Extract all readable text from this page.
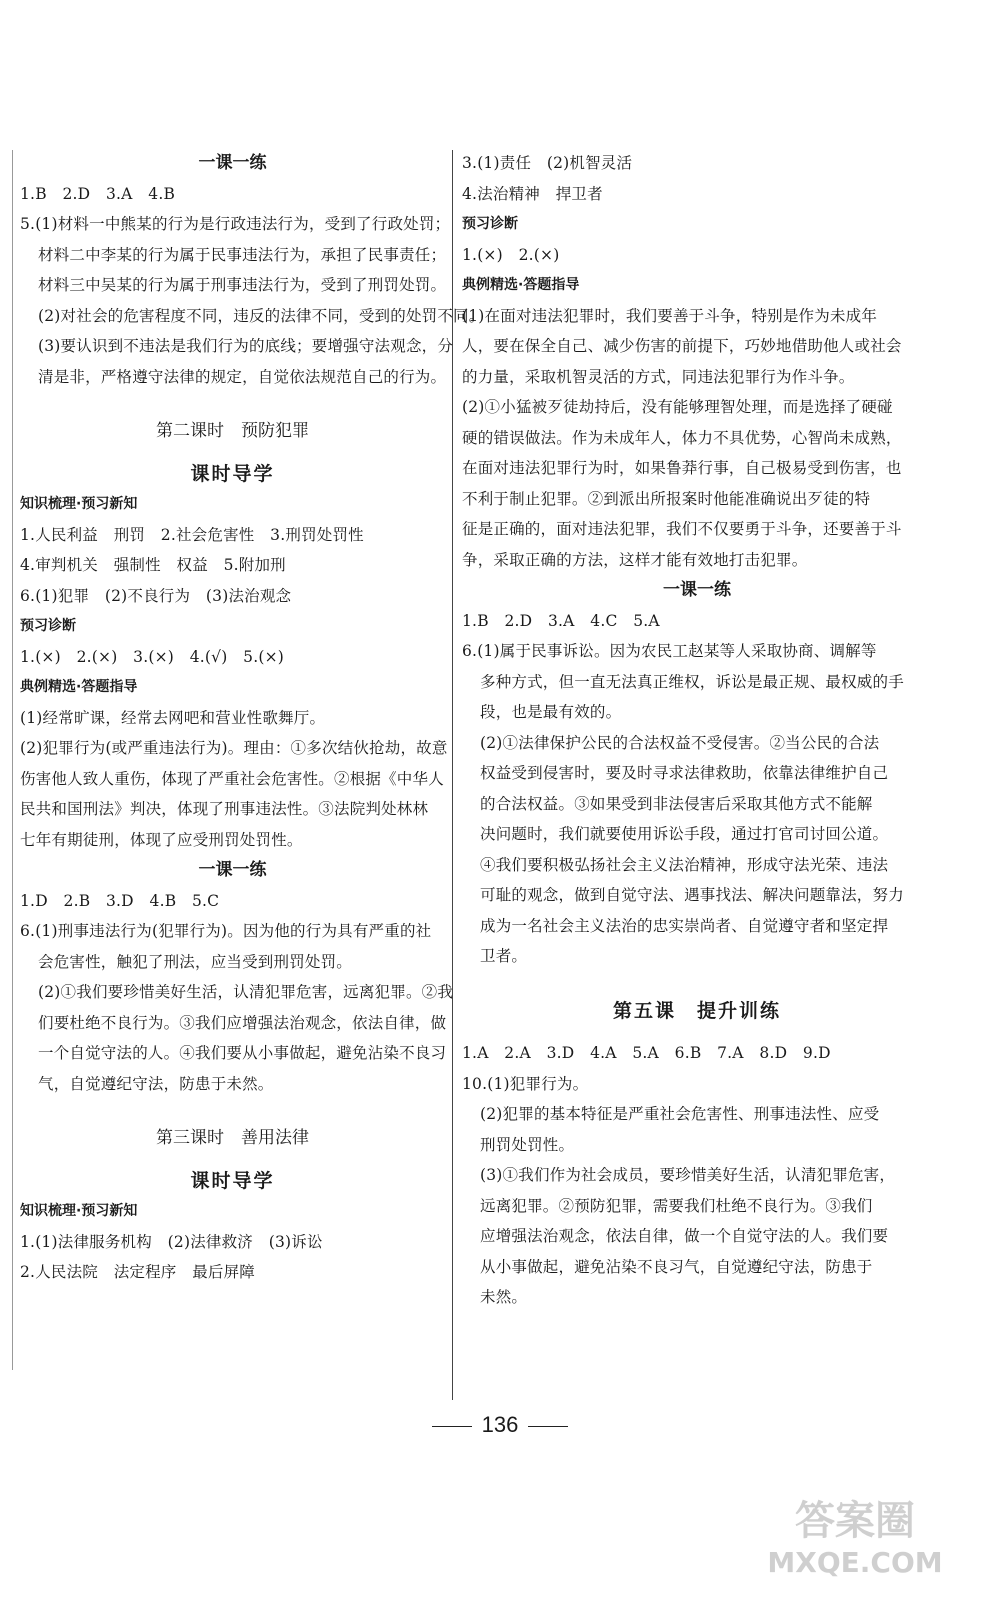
一课一练
1.B　2.D　3.A　4.B
5.(1)材料一中熊某的行为是行政违法行为，受到了行政处罚；
材料二中李某的行为属于民事违法行为，承担了民事责任；
材料三中吴某的行为属于刑事违法行为，受到了刑罚处罚。
(2)对社会的危害程度不同，违反的法律不同，受到的处罚不同。
(3)要认识到不违法是我们行为的底线；要增强守法观念，分
清是非，严格遵守法律的规定，自觉依法规范自己的行为。
第二课时　预防犯罪
课时导学
知识梳理·预习新知
1.人民利益　刑罚　2.社会危害性　3.刑罚处罚性
4.审判机关　强制性　权益　5.附加刑
6.(1)犯罪　(2)不良行为　(3)法治观念
预习诊断
1.(×)　2.(×)　3.(×)　4.(√)　5.(×)
典例精选·答题指导
(1)经常旷课，经常去网吧和营业性歌舞厅。
(2)犯罪行为(或严重违法行为)。理由：①多次结伙抢劫，故意
伤害他人致人重伤，体现了严重社会危害性。②根据《中华人
民共和国刑法》判决，体现了刑事违法性。③法院判处林林
七年有期徒刑，体现了应受刑罚处罚性。
一课一练
1.D　2.B　3.D　4.B　5.C
6.(1)刑事违法行为(犯罪行为)。因为他的行为具有严重的社
会危害性，触犯了刑法，应当受到刑罚处罚。
(2)①我们要珍惜美好生活，认清犯罪危害，远离犯罪。②我
们要杜绝不良行为。③我们应增强法治观念，依法自律，做
一个自觉守法的人。④我们要从小事做起，避免沾染不良习
气，自觉遵纪守法，防患于未然。
第三课时　善用法律
课时导学
知识梳理·预习新知
1.(1)法律服务机构　(2)法律救济　(3)诉讼
2.人民法院　法定程序　最后屏障
3.(1)责任　(2)机智灵活
4.法治精神　捍卫者
预习诊断
1.(×)　2.(×)
典例精选·答题指导
(1)在面对违法犯罪时，我们要善于斗争，特别是作为未成年
人，要在保全自己、减少伤害的前提下，巧妙地借助他人或社会
的力量，采取机智灵活的方式，同违法犯罪行为作斗争。
(2)①小猛被歹徒劫持后，没有能够理智处理，而是选择了硬碰
硬的错误做法。作为未成年人，体力不具优势，心智尚未成熟，
在面对违法犯罪行为时，如果鲁莽行事，自己极易受到伤害，也
不利于制止犯罪。②到派出所报案时他能准确说出歹徒的特
征是正确的，面对违法犯罪，我们不仅要勇于斗争，还要善于斗
争，采取正确的方法，这样才能有效地打击犯罪。
一课一练
1.B　2.D　3.A　4.C　5.A
6.(1)属于民事诉讼。因为农民工赵某等人采取协商、调解等
多种方式，但一直无法真正维权，诉讼是最正规、最权威的手
段，也是最有效的。
(2)①法律保护公民的合法权益不受侵害。②当公民的合法
权益受到侵害时，要及时寻求法律救助，依靠法律维护自己
的合法权益。③如果受到非法侵害后采取其他方式不能解
决问题时，我们就要使用诉讼手段，通过打官司讨回公道。
④我们要积极弘扬社会主义法治精神，形成守法光荣、违法
可耻的观念，做到自觉守法、遇事找法、解决问题靠法，努力
成为一名社会主义法治的忠实崇尚者、自觉遵守者和坚定捍
卫者。
第五课　提升训练
1.A　2.A　3.D　4.A　5.A　6.B　7.A　8.D　9.D
10.(1)犯罪行为。
(2)犯罪的基本特征是严重社会危害性、刑事违法性、应受
刑罚处罚性。
(3)①我们作为社会成员，要珍惜美好生活，认清犯罪危害，
远离犯罪。②预防犯罪，需要我们杜绝不良行为。③我们
应增强法治观念，依法自律，做一个自觉守法的人。我们要
从小事做起，避免沾染不良习气，自觉遵纪守法，防患于
未然。
136
答案圈
MXQE.COM
